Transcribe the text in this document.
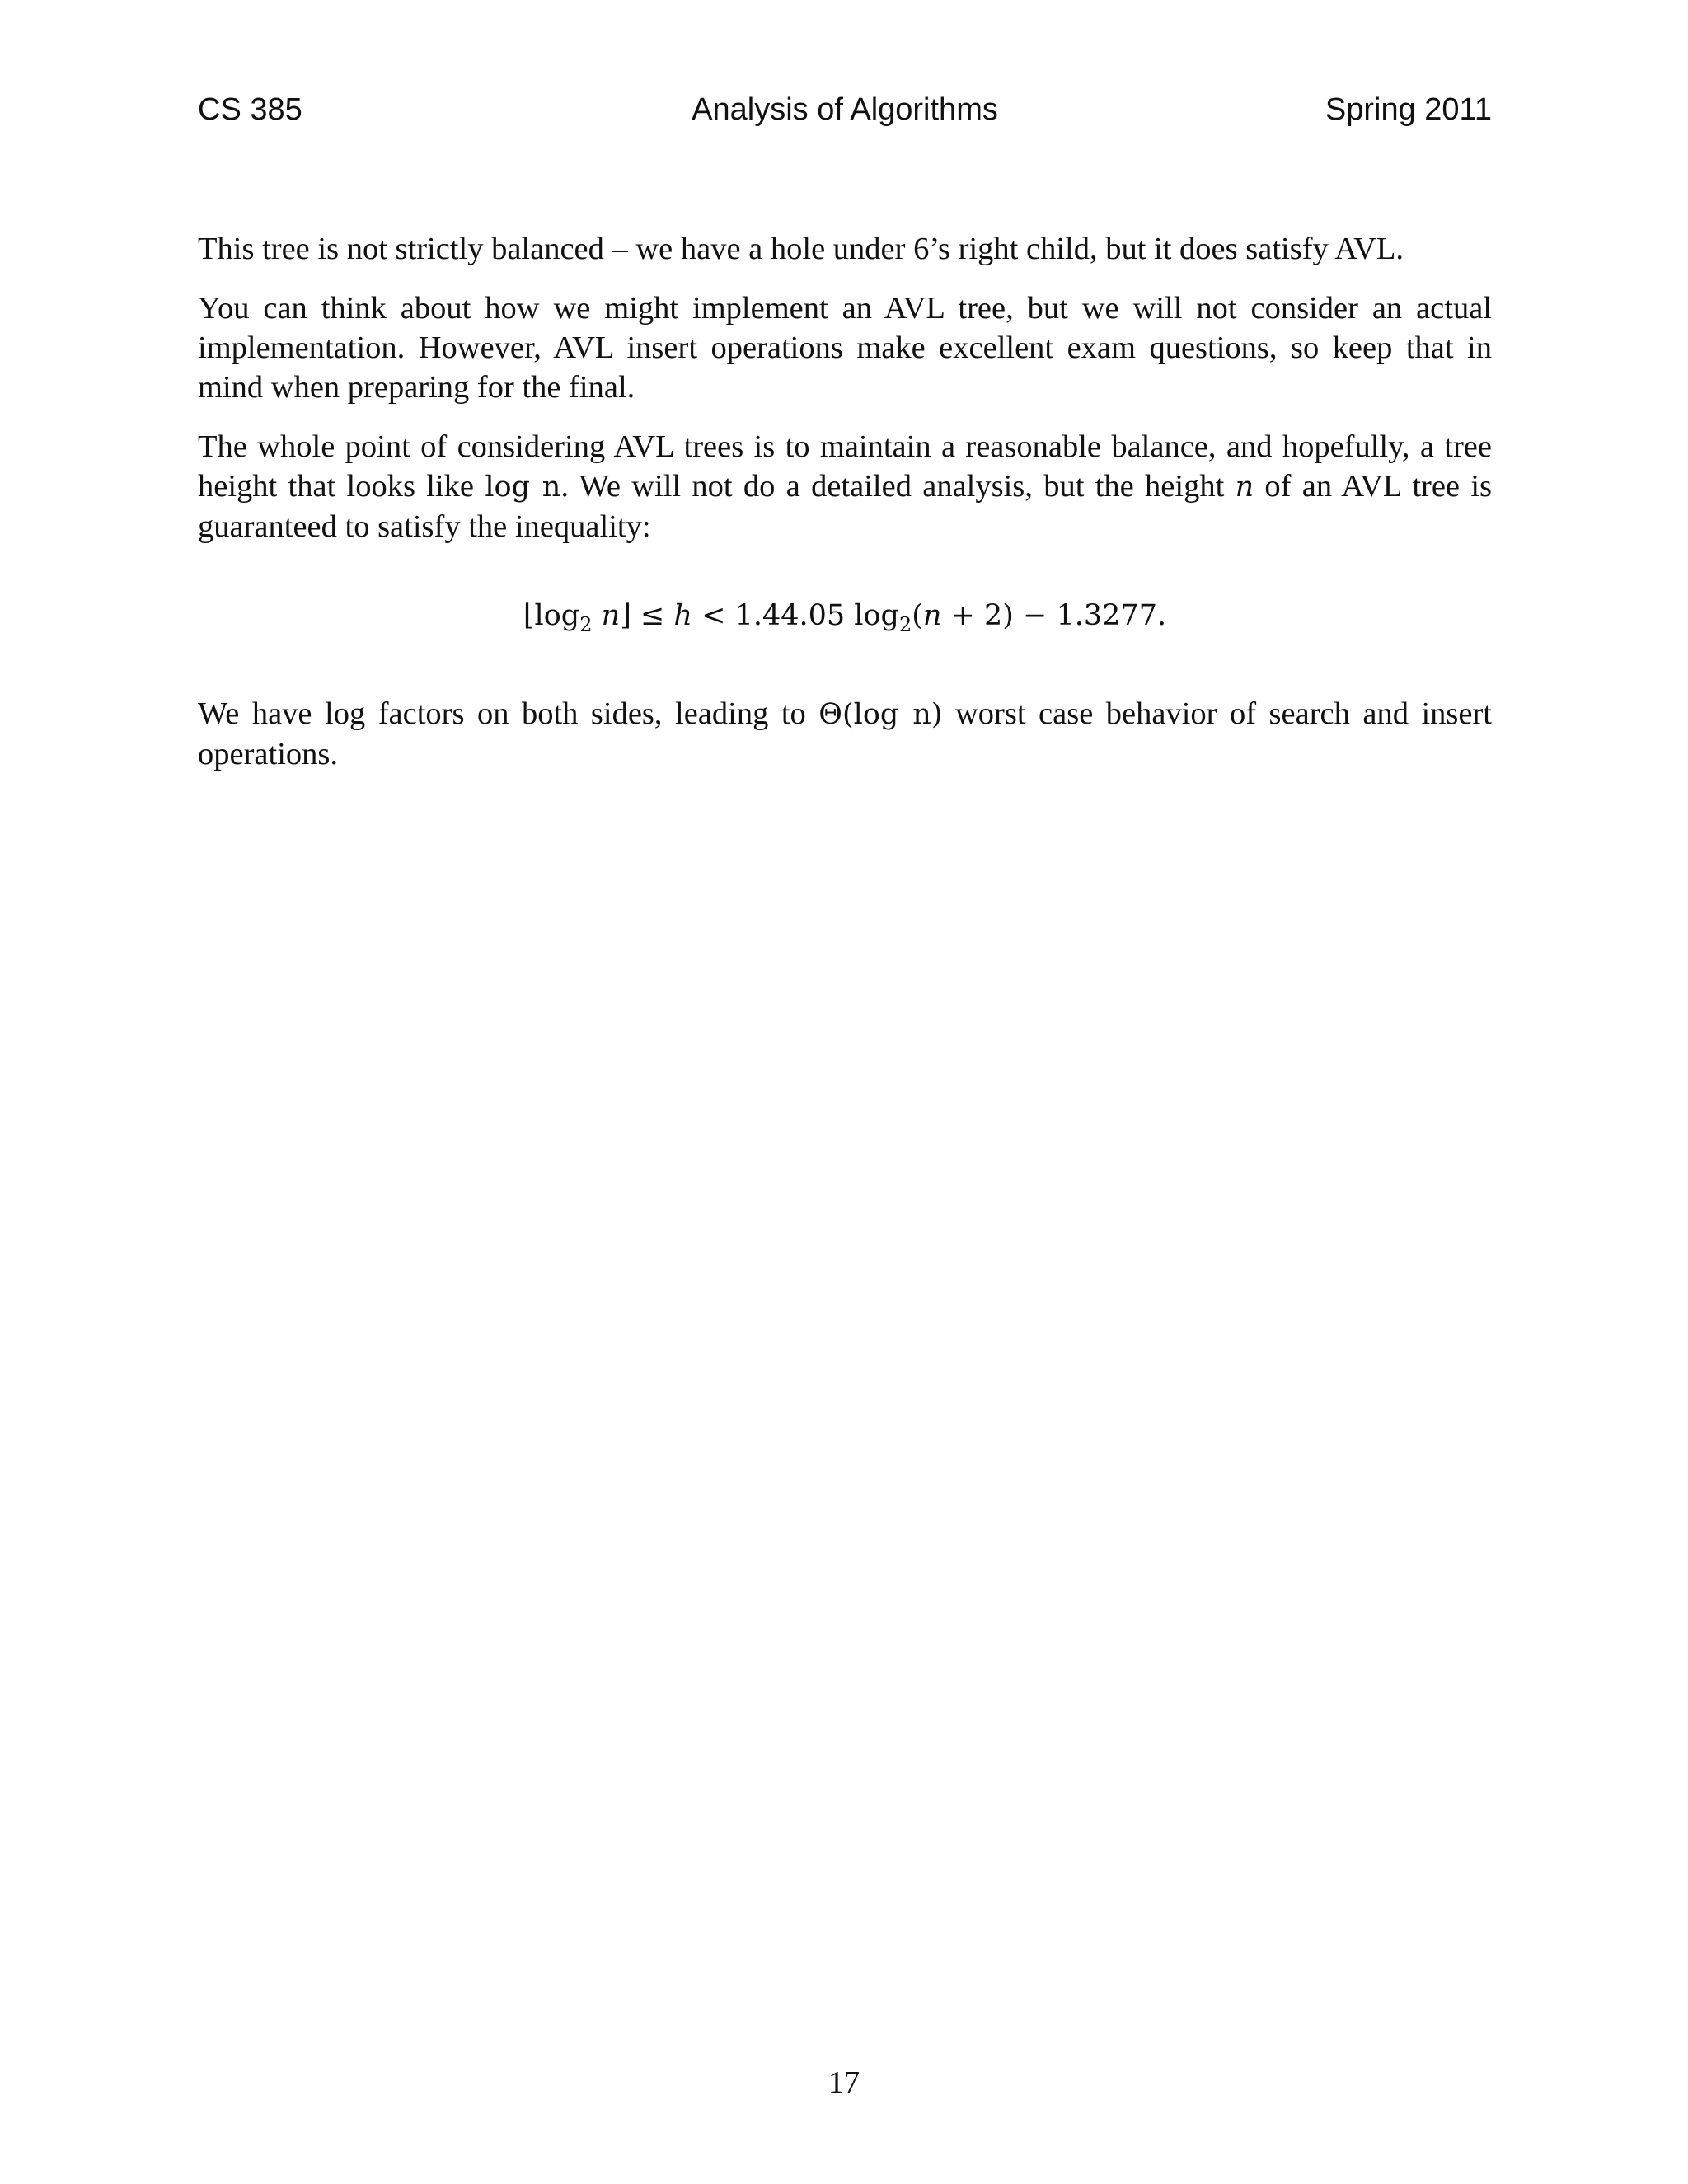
CS 385	Analysis of Algorithms	Spring 2011

This tree is not strictly balanced – we have a hole under 6’s right child, but it does satisfy AVL.

You can think about how we might implement an AVL tree, but we will not consider an actual implementation. However, AVL insert operations make excellent exam questions, so keep that in mind when preparing for the final.

The whole point of considering AVL trees is to maintain a reasonable balance, and hopefully, a tree height that looks like log n. We will not do a detailed analysis, but the height n of an AVL tree is guaranteed to satisfy the inequality:

$⌊\log_2$ n⌋ ≤ h < 1.44.05 $\log_2(n + 2) - 1.3277$.

We have log factors on both sides, leading to Θ(log n) worst case behavior of search and insert operations.

17
